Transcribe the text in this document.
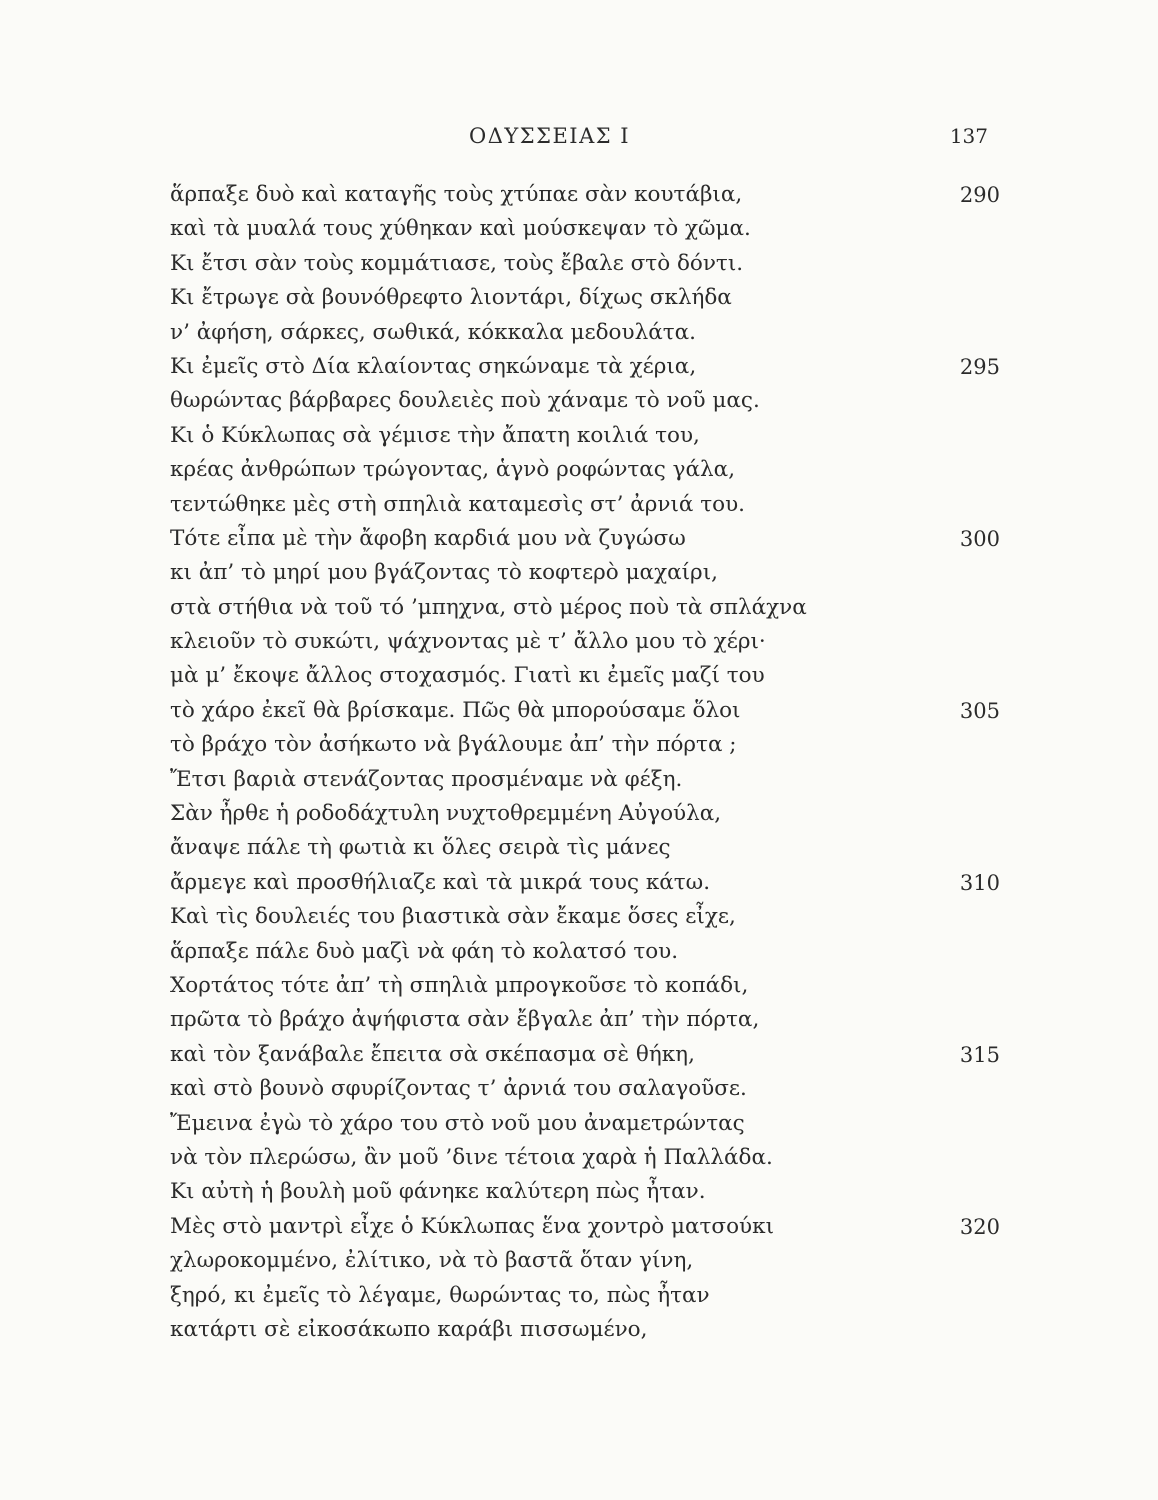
ΟΔΥΣΣΕΙΑΣ Ι	137
ἅρπαξε δυὸ καὶ καταγῆς τοὺς χτύπαε σὰν κουτάβια,	290
καὶ τὰ μυαλά τους χύθηκαν καὶ μούσκεψαν τὸ χῶμα.
Κι ἔτσι σὰν τοὺς κομμάτιασε, τοὺς ἔβαλε στὸ δόντι.
Κι ἔτρωγε σὰ βουνόθρεφτο λιοντάρι, δίχως σκλήδα
ν’ ἀφήση, σάρκες, σωθικά, κόκκαλα μεδουλάτα.
Κι ἐμεῖς στὸ Δία κλαίοντας σηκώναμε τὰ χέρια,	295
θωρώντας βάρβαρες δουλειὲς ποὺ χάναμε τὸ νοῦ μας.
Κι ὁ Κύκλωπας σὰ γέμισε τὴν ἄπατη κοιλιά του,
κρέας ἀνθρώπων τρώγοντας, ἁγνὸ ροφώντας γάλα,
τεντώθηκε μὲς στὴ σπηλιὰ καταμεσὶς στ’ ἀρνιά του.
Τότε εἶπα μὲ τὴν ἄφοβη καρδιά μου νὰ ζυγώσω	300
κι ἀπ’ τὸ μηρί μου βγάζοντας τὸ κοφτερὸ μαχαίρι,
στὰ στήθια νὰ τοῦ τό ’μπηχνα, στὸ μέρος ποὺ τὰ σπλάχνα
κλειοῦν τὸ συκώτι, ψάχνοντας μὲ τ’ ἄλλο μου τὸ χέρι·
μὰ μ’ ἔκοψε ἄλλος στοχασμός. Γιατὶ κι ἐμεῖς μαζί του
τὸ χάρο ἐκεῖ θὰ βρίσκαμε. Πῶς θὰ μπορούσαμε ὅλοι	305
τὸ βράχο τὸν ἀσήκωτο νὰ βγάλουμε ἀπ’ τὴν πόρτα ;
Ἔτσι βαριὰ στενάζοντας προσμέναμε νὰ φέξη.
Σὰν ἦρθε ἡ ροδοδάχτυλη νυχτοθρεμμένη Αὐγούλα,
ἄναψε πάλε τὴ φωτιὰ κι ὅλες σειρὰ τὶς μάνες
ἄρμεγε καὶ προσθήλιαζε καὶ τὰ μικρά τους κάτω.	310
Καὶ τὶς δουλειές του βιαστικὰ σὰν ἔκαμε ὅσες εἶχε,
ἅρπαξε πάλε δυὸ μαζὶ νὰ φάη τὸ κολατσό του.
Χορτάτος τότε ἀπ’ τὴ σπηλιὰ μπρογκοῦσε τὸ κοπάδι,
πρῶτα τὸ βράχο ἀψήφιστα σὰν ἔβγαλε ἀπ’ τὴν πόρτα,
καὶ τὸν ξανάβαλε ἔπειτα σὰ σκέπασμα σὲ θήκη,	315
καὶ στὸ βουνὸ σφυρίζοντας τ’ ἀρνιά του σαλαγοῦσε.
Ἔμεινα ἐγὼ τὸ χάρο του στὸ νοῦ μου ἀναμετρώντας
νὰ τὸν πλερώσω, ἂν μοῦ ’δινε τέτοια χαρὰ ἡ Παλλάδα.
Κι αὐτὴ ἡ βουλὴ μοῦ φάνηκε καλύτερη πὼς ἦταν.
Μὲς στὸ μαντρὶ εἶχε ὁ Κύκλωπας ἕνα χοντρὸ ματσούκι	320
χλωροκομμένο, ἐλίτικο, νὰ τὸ βαστᾶ ὅταν γίνη,
ξηρό, κι ἐμεῖς τὸ λέγαμε, θωρώντας το, πὼς ἦταν
κατάρτι σὲ εἰκοσάκωπο καράβι πισσωμένο,
